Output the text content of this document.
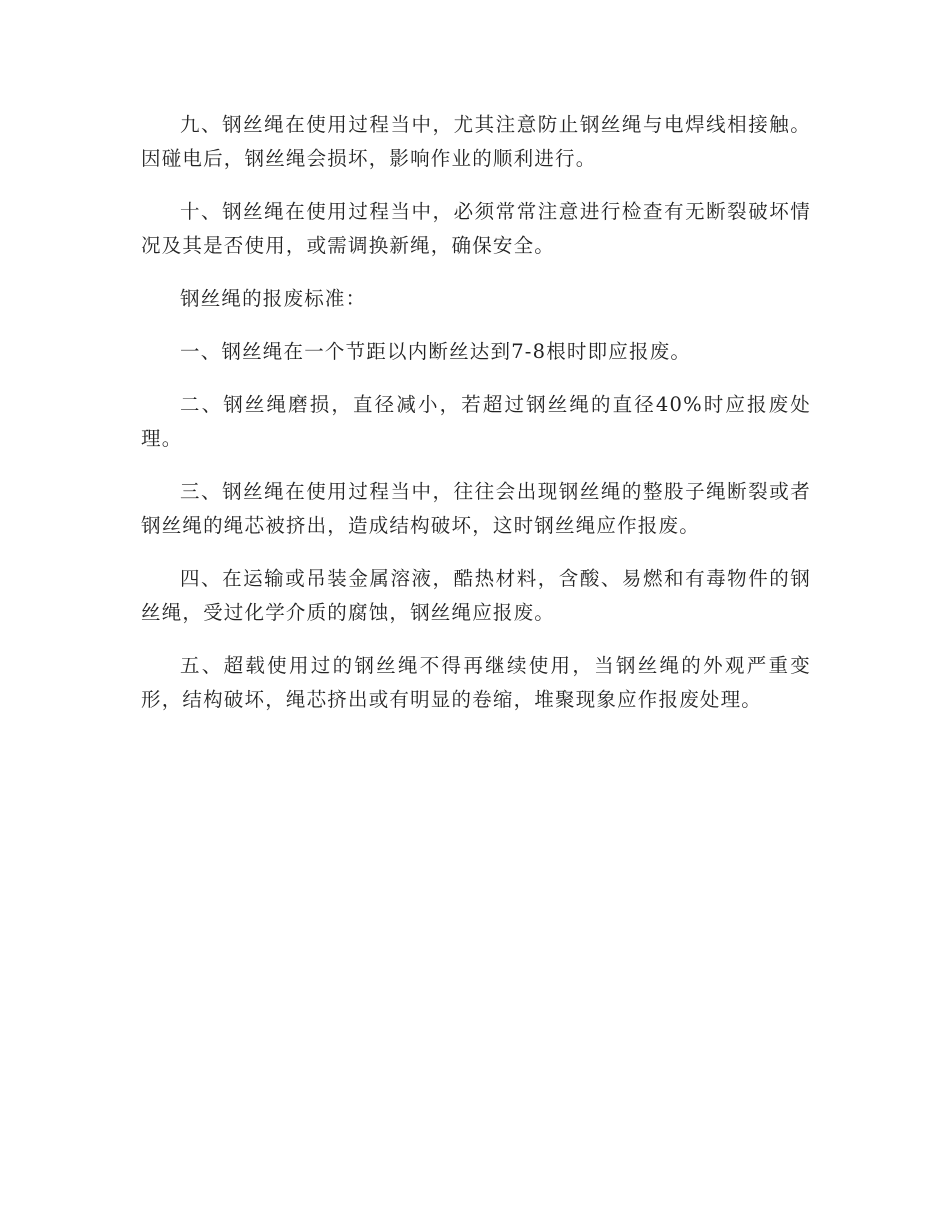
九、钢丝绳在使用过程当中，尤其注意防止钢丝绳与电焊线相接触。因碰电后，钢丝绳会损坏，影响作业的顺利进行。

十、钢丝绳在使用过程当中，必须常常注意进行检查有无断裂破坏情况及其是否使用，或需调换新绳，确保安全。

钢丝绳的报废标准：

一、钢丝绳在一个节距以内断丝达到7-8根时即应报废。

二、钢丝绳磨损，直径减小，若超过钢丝绳的直径40%时应报废处理。

三、钢丝绳在使用过程当中，往往会出现钢丝绳的整股子绳断裂或者钢丝绳的绳芯被挤出，造成结构破坏，这时钢丝绳应作报废。

四、在运输或吊装金属溶液，酷热材料，含酸、易燃和有毒物件的钢丝绳，受过化学介质的腐蚀，钢丝绳应报废。

五、超载使用过的钢丝绳不得再继续使用，当钢丝绳的外观严重变形，结构破坏，绳芯挤出或有明显的卷缩，堆聚现象应作报废处理。
